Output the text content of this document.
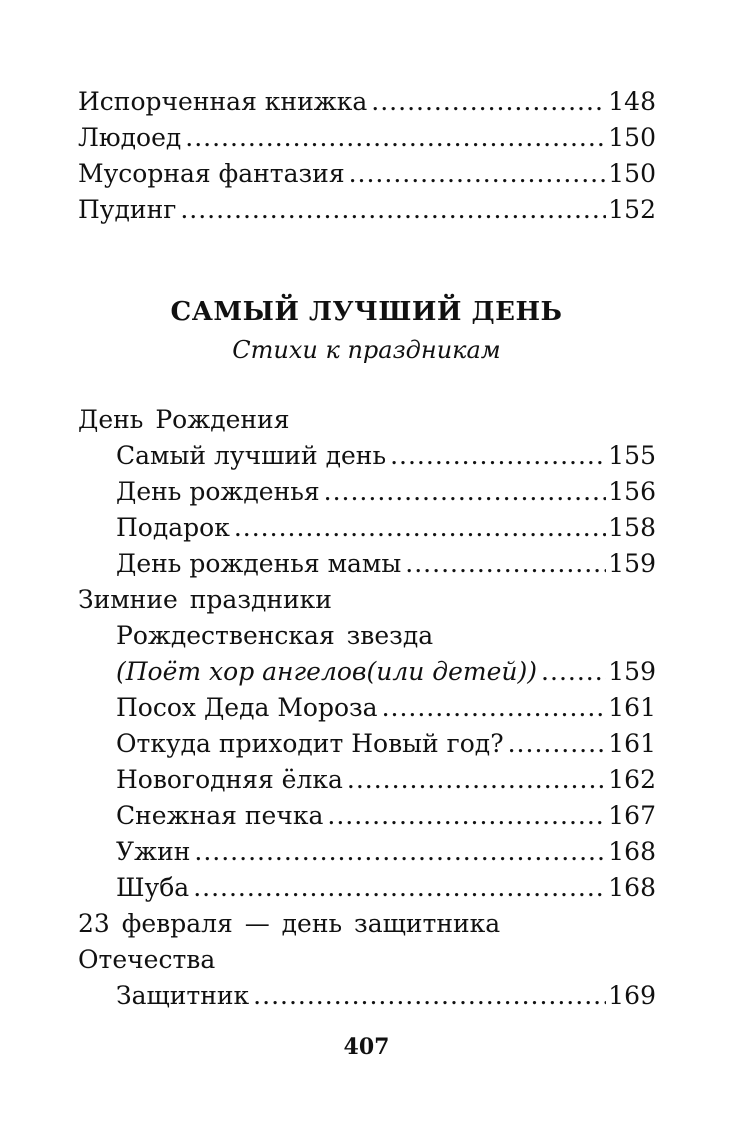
Испорченная книжка .....	148
Людоед .....	150
Мусорная фантазия .....	150
Пудинг .....	152
САМЫЙ ЛУЧШИЙ ДЕНЬ
Стихи к праздникам
День Рождения
Самый лучший день .....	155
День рожденья .....	156
Подарок .....	158
День рожденья мамы .....	159
Зимние праздники
Рождественская звезда
(Поёт хор ангелов(или детей)) .....	159
Посох Деда Мороза .....	161
Откуда приходит Новый год? .....	161
Новогодняя ёлка .....	162
Снежная печка .....	167
Ужин .....	168
Шуба .....	168
23 февраля — день защитника
Отечества
Защитник .....	169
407
